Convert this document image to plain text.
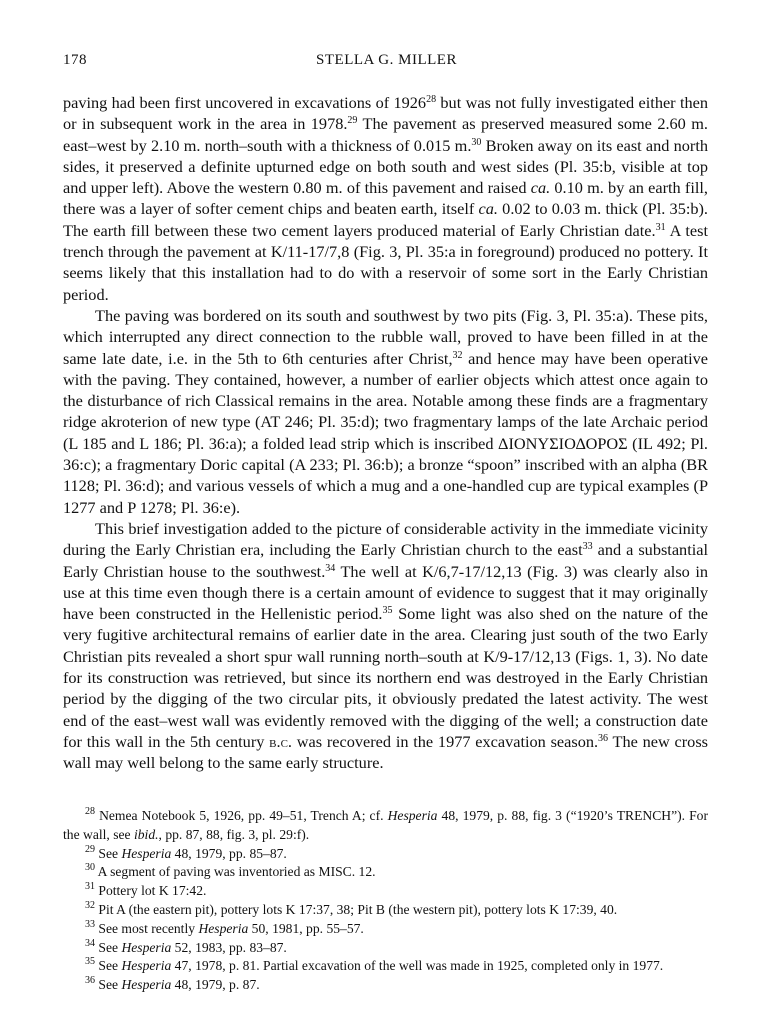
178	STELLA G. MILLER

paving had been first uncovered in excavations of 1926$^{28}$ but was not fully investigated either then or in subsequent work in the area in 1978.29 The pavement as preserved measured some 2.60 m. east–west by 2.10 m. north–south with a thickness of 0.015 m.$^{30}$ Broken away on its east and north sides, it preserved a definite upturned edge on both south and west sides (Pl. 35:b, visible at top and upper left). Above the western 0.80 m. of this pavement and raised ca. 0.10 m. by an earth fill, there was a layer of softer cement chips and beaten earth, itself ca. 0.02 to 0.03 m. thick (Pl. 35:b). The earth fill between these two cement layers produced material of Early Christian date.$^{31}$ A test trench through the pavement at K/11-17/7,8 (Fig. 3, Pl. 35:a in foreground) produced no pottery. It seems likely that this installation had to do with a reservoir of some sort in the Early Christian period.

The paving was bordered on its south and southwest by two pits (Fig. 3, Pl. 35:a). These pits, which interrupted any direct connection to the rubble wall, proved to have been filled in at the same late date, i.e. in the 5th to 6th centuries after Christ,$^{32}$ and hence may have been operative with the paving. They contained, however, a number of earlier objects which attest once again to the disturbance of rich Classical remains in the area. Notable among these finds are a fragmentary ridge akroterion of new type (AT 246; Pl. 35:d); two fragmentary lamps of the late Archaic period (L 185 and L 186; Pl. 36:a); a folded lead strip which is inscribed ΔΙΟΝΥΣΙΟΔΟΡΟΣ (IL 492; Pl. 36:c); a fragmentary Doric capital (A 233; Pl. 36:b); a bronze “spoon” inscribed with an alpha (BR 1128; Pl. 36:d); and various vessels of which a mug and a one-handled cup are typical examples (P 1277 and P 1278; Pl. 36:e).

This brief investigation added to the picture of considerable activity in the immediate vicinity during the Early Christian era, including the Early Christian church to the east$^{33}$ and a substantial Early Christian house to the southwest.$^{34}$ The well at K/6,7-17/12,13 (Fig. 3) was clearly also in use at this time even though there is a certain amount of evidence to suggest that it may originally have been constructed in the Hellenistic period.$^{35}$ Some light was also shed on the nature of the very fugitive architectural remains of earlier date in the area. Clearing just south of the two Early Christian pits revealed a short spur wall running north–south at K/9-17/12,13 (Figs. 1, 3). No date for its construction was retrieved, but since its northern end was destroyed in the Early Christian period by the digging of the two circular pits, it obviously predated the latest activity. The west end of the east–west wall was evidently removed with the digging of the well; a construction date for this wall in the 5th century b.c. was recovered in the 1977 excavation season.$^{36}$ The new cross wall may well belong to the same early structure.

$^{28}$ Nemea Notebook 5, 1926, pp. 49–51, Trench A; cf. Hesperia 48, 1979, p. 88, fig. 3 (“1920’s TRENCH”). For the wall, see ibid., pp. 87, 88, fig. 3, pl. 29:f).

$^{29}$ See Hesperia 48, 1979, pp. 85–87.

$^{30}$ A segment of paving was inventoried as MISC. 12.

$^{31}$ Pottery lot K 17:42.

$^{32}$ Pit A (the eastern pit), pottery lots K 17:37, 38; Pit B (the western pit), pottery lots K 17:39, 40.

$^{33}$ See most recently Hesperia 50, 1981, pp. 55–57.

$^{34}$ See Hesperia 52, 1983, pp. 83–87.

$^{35}$ See Hesperia 47, 1978, p. 81. Partial excavation of the well was made in 1925, completed only in 1977.

$^{36}$ See Hesperia 48, 1979, p. 87.
